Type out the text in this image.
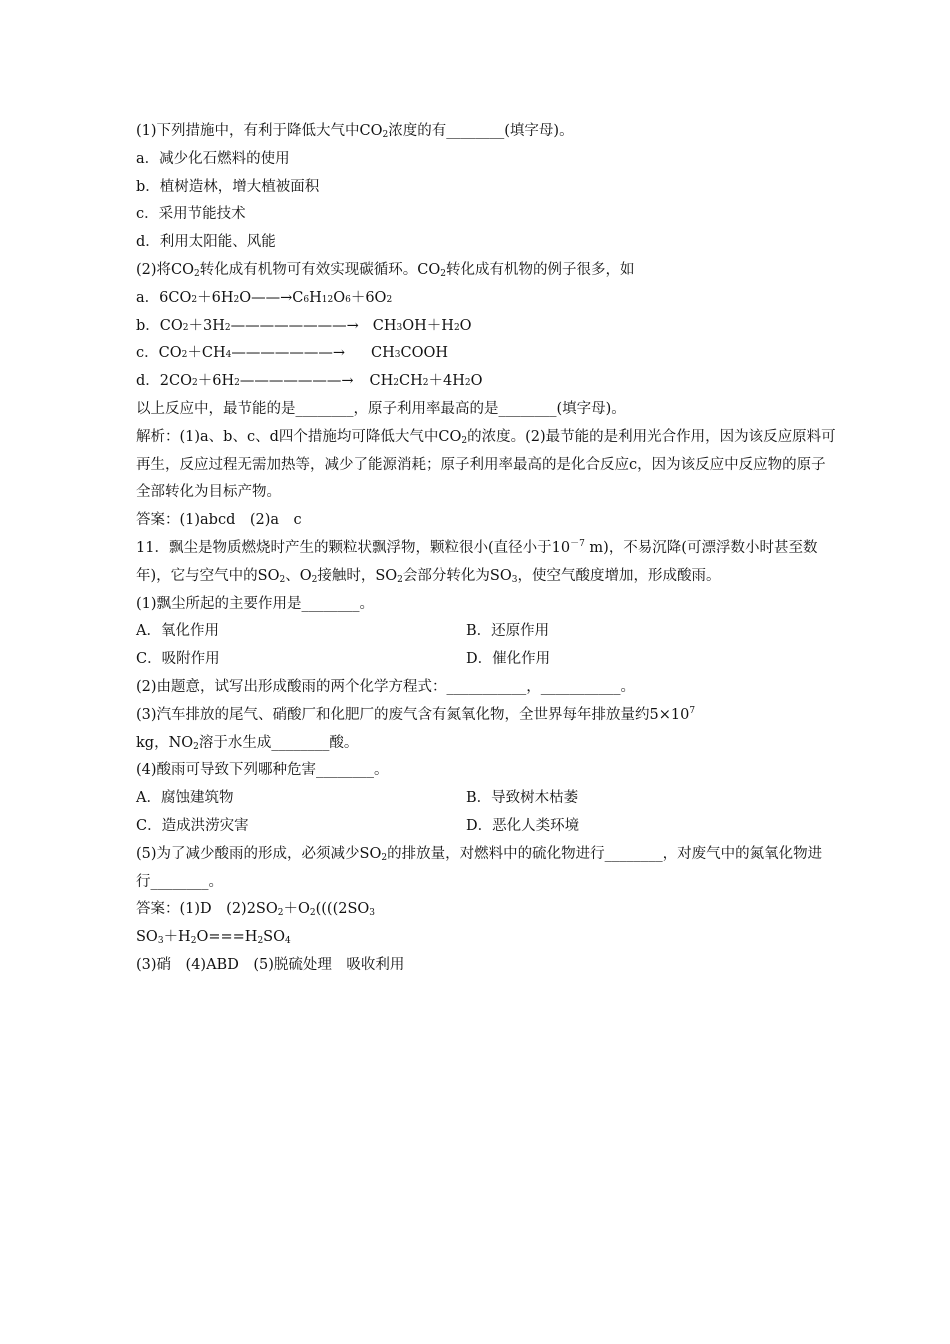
(1)下列措施中，有利于降低大气中$CO_2$浓度的有________(填字母)。
a．减少化石燃料的使用
b．植树造林，增大植被面积
c．采用节能技术
d．利用太阳能、风能
(2)将$CO_2$转化成有机物可有效实现碳循环。$CO_2$转化成有机物的例子很多，如
a．6CO 2 ＋6H 2 O ——→ C 6 H 12 O 6 ＋6O 2
b．CO 2 ＋3H 2 ————————→ CH 3 OH＋H 2 O
c．CO 2 ＋CH 4 ———————→ CH 3 COOH
d．2CO 2 ＋6H 2 ———————→ CH 2 CH 2 ＋4H 2 O
以上反应中，最节能的是________，原子利用率最高的是________(填字母)。
解析：(1)a、b、c、d四个措施均可降低大气中$CO_2$的浓度。(2)最节能的是利用光合作用，因为该反应原料可再生，反应过程无需加热等，减少了能源消耗；原子利用率最高的是化合反应c，因为该反应中反应物的原子全部转化为目标产物。
答案：(1)abcd　(2)a　c
11．飘尘是物质燃烧时产生的颗粒状飘浮物，颗粒很小(直径小于$10^{-7}$ m)，不易沉降(可漂浮数小时甚至数年)，它与空气中的$SO_2$、$O_2$接触时，$SO_2$会部分转化为$SO_3$，使空气酸度增加，形成酸雨。
(1)飘尘所起的主要作用是________。
A．氧化作用	B．还原作用
C．吸附作用	D．催化作用
(2)由题意，试写出形成酸雨的两个化学方程式：___________，___________。
(3)汽车排放的尾气、硝酸厂和化肥厂的废气含有氮氧化物，全世界每年排放量约$5\times 10^7$
kg，$NO_2$溶于水生成________酸。
(4)酸雨可导致下列哪种危害________。
A．腐蚀建筑物	B．导致树木枯萎
C．造成洪涝灾害	D．恶化人类环境
(5)为了减少酸雨的形成，必须减少$SO_2$的排放量，对燃料中的硫化物进行________，对废气中的氮氧化物进行________。
答案：(1)D　$(2)2SO_2+O_2((((2SO_3$
$SO_3+H_2O===H_2SO_4$
(3)硝　(4)ABD　(5)脱硫处理　吸收利用
